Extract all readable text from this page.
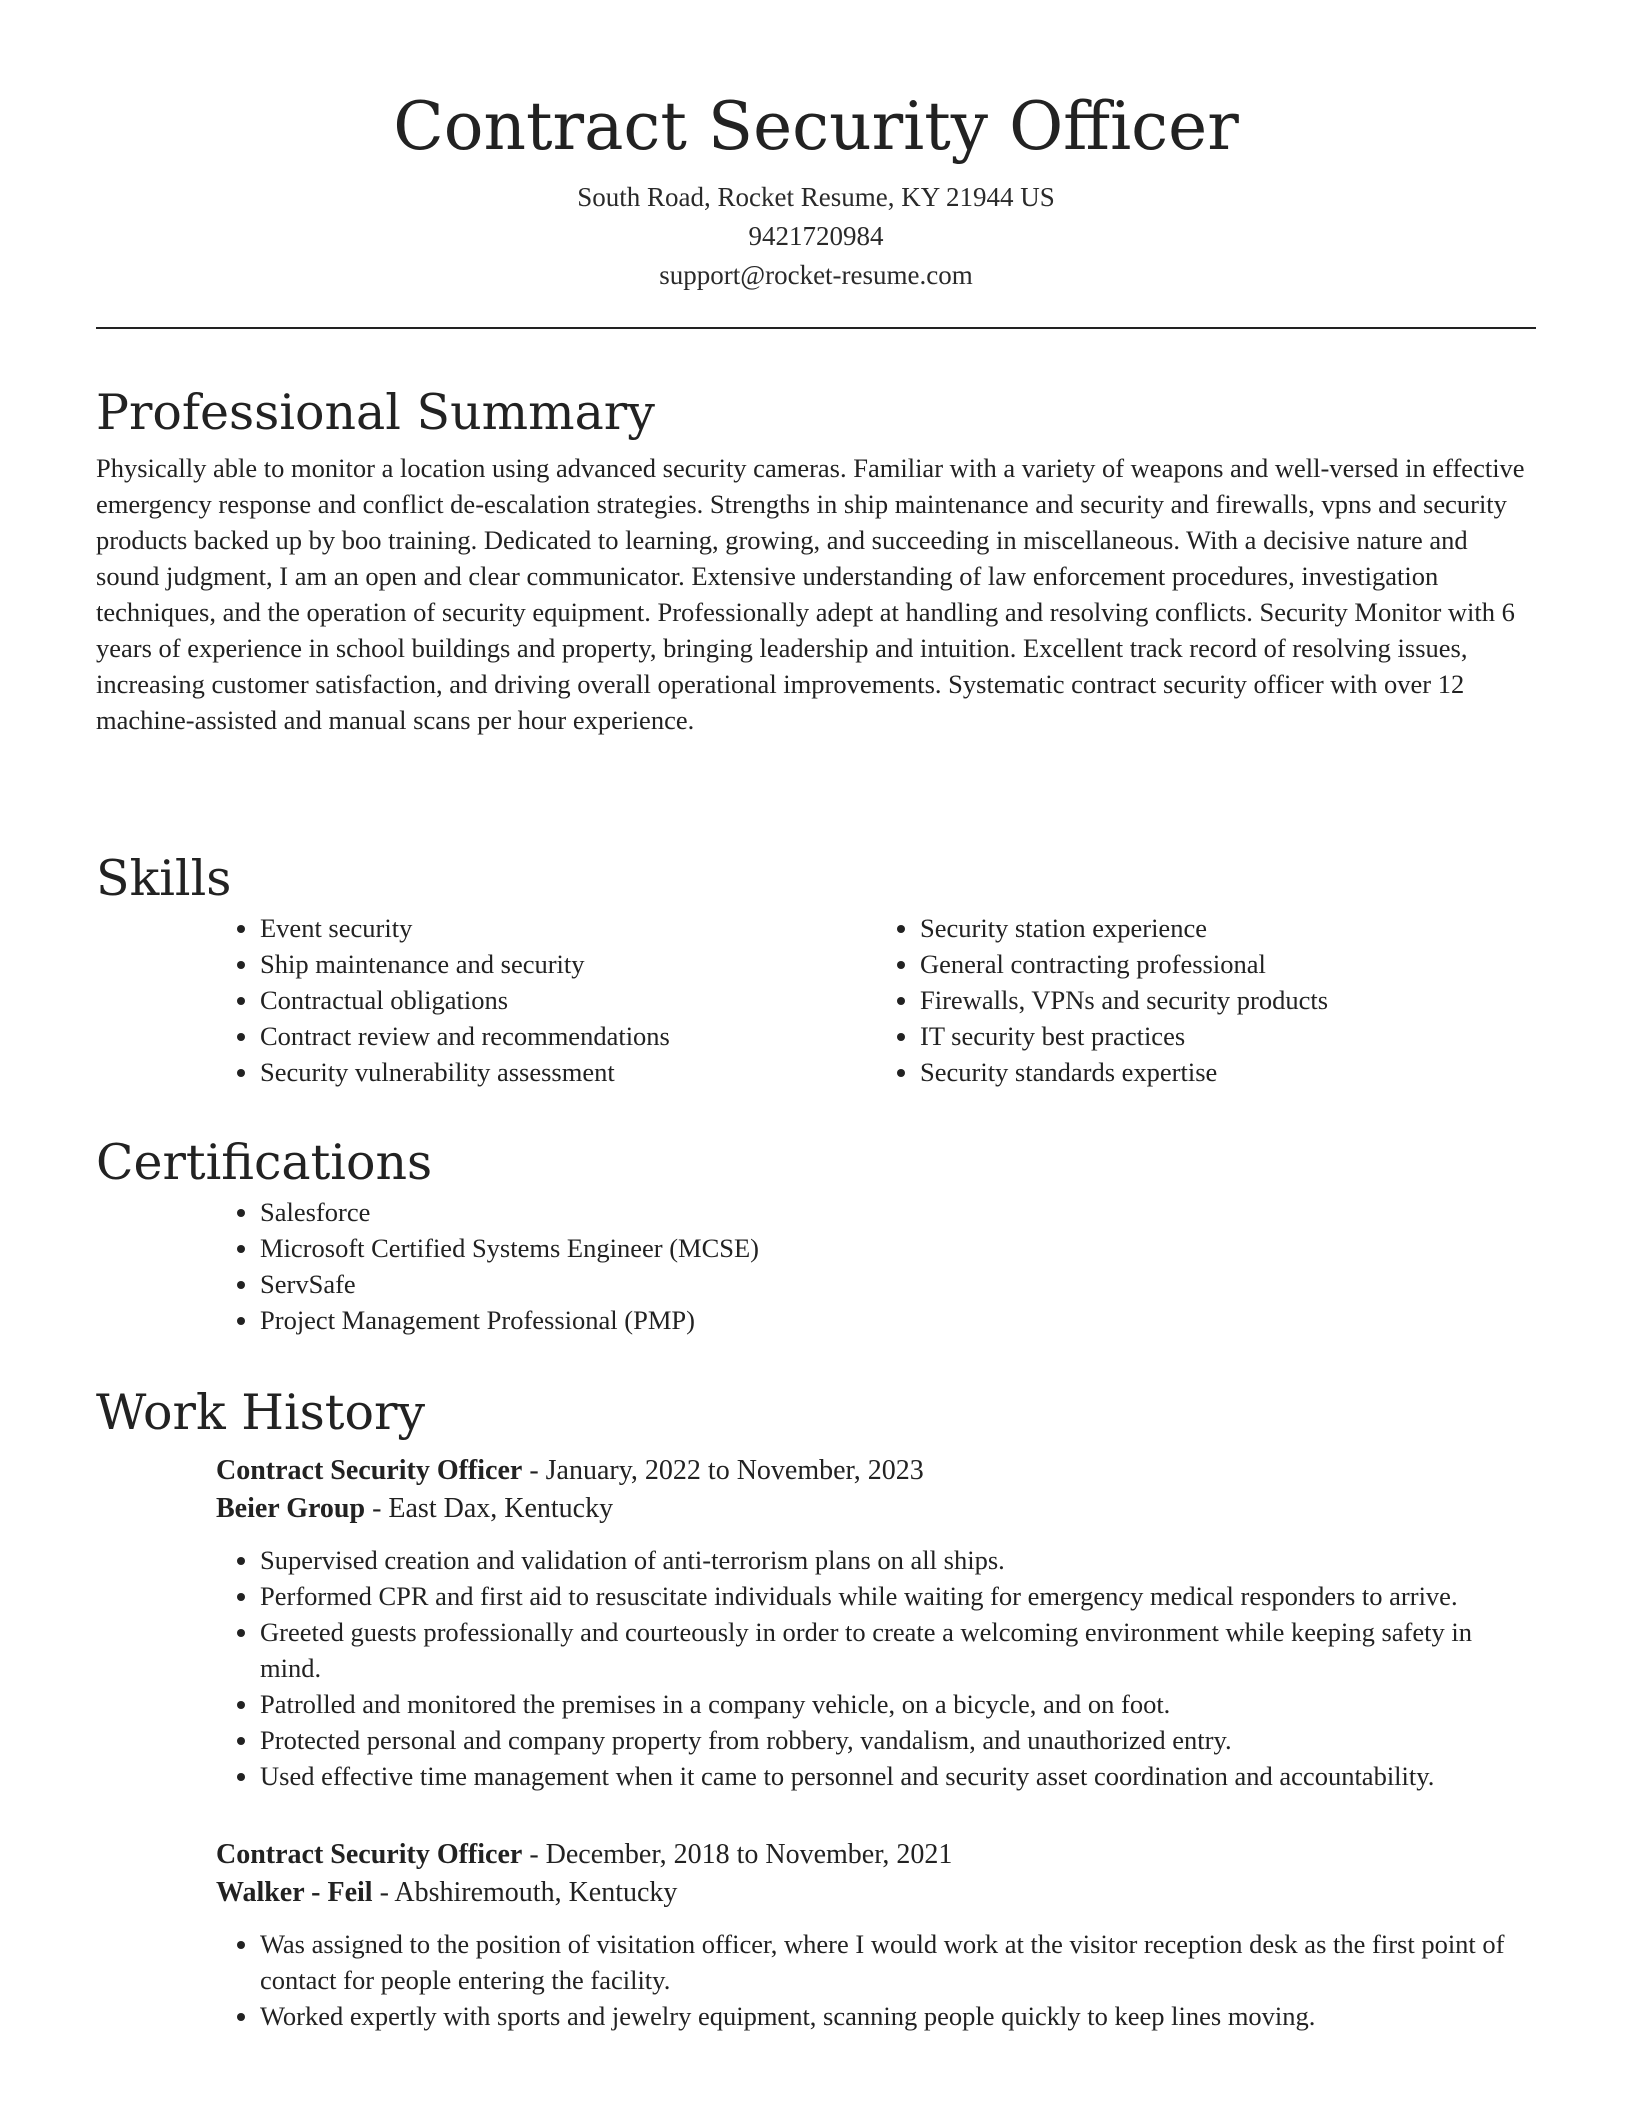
Contract Security Officer
South Road, Rocket Resume, KY 21944 US
9421720984
support@rocket-resume.com
Professional Summary

Physically able to monitor a location using advanced security cameras. Familiar with a variety of weapons and well-versed in effective emergency response and conflict de-escalation strategies. Strengths in ship maintenance and security and firewalls, vpns and security products backed up by boo training. Dedicated to learning, growing, and succeeding in miscellaneous. With a decisive nature and sound judgment, I am an open and clear communicator. Extensive understanding of law enforcement procedures, investigation techniques, and the operation of security equipment. Professionally adept at handling and resolving conflicts. Security Monitor with 6 years of experience in school buildings and property, bringing leadership and intuition. Excellent track record of resolving issues, increasing customer satisfaction, and driving overall operational improvements. Systematic contract security officer with over 12 machine-assisted and manual scans per hour experience.

Skills
• Event security
• Ship maintenance and security
• Contractual obligations
• Contract review and recommendations
• Security vulnerability assessment
• Security station experience
• General contracting professional
• Firewalls, VPNs and security products
• IT security best practices
• Security standards expertise
Certifications
• Salesforce
• Microsoft Certified Systems Engineer (MCSE)
• ServSafe
• Project Management Professional (PMP)
Work History
Contract Security Officer - January, 2022 to November, 2023
Beier Group - East Dax, Kentucky
• Supervised creation and validation of anti-terrorism plans on all ships.
• Performed CPR and first aid to resuscitate individuals while waiting for emergency medical responders to arrive.
• Greeted guests professionally and courteously in order to create a welcoming environment while keeping safety in mind.
• Patrolled and monitored the premises in a company vehicle, on a bicycle, and on foot.
• Protected personal and company property from robbery, vandalism, and unauthorized entry.
• Used effective time management when it came to personnel and security asset coordination and accountability.
Contract Security Officer - December, 2018 to November, 2021
Walker - Feil - Abshiremouth, Kentucky
• Was assigned to the position of visitation officer, where I would work at the visitor reception desk as the first point of contact for people entering the facility.
• Worked expertly with sports and jewelry equipment, scanning people quickly to keep lines moving.
